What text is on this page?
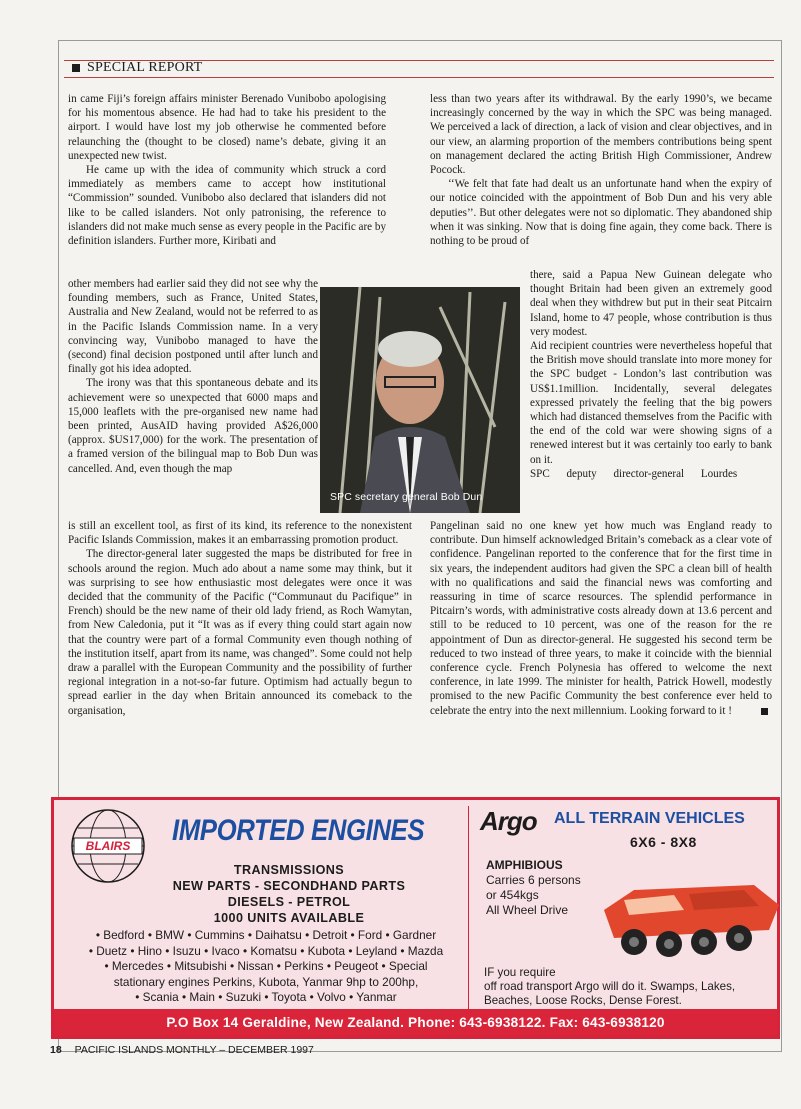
SPECIAL REPORT

in came Fiji’s foreign affairs minister Berenado Vunibobo apologising for his momentous absence. He had had to take his president to the airport. I would have lost my job otherwise he commented before relaunching the (thought to be closed) name’s debate, giving it an unexpected new twist.

He came up with the idea of community which struck a cord immediately as members came to accept how institutional “Commission” sounded. Vunibobo also declared that islanders did not like to be called islanders. Not only patronising, the reference to islanders did not make much sense as every people in the Pacific are by definition islanders. Further more, Kiribati and

other members had earlier said they did not see why the founding members, such as France, United States, Australia and New Zealand, would not be referred to as in the Pacific Islands Commission name. In a very convincing way, Vunibobo managed to have the (second) final decision postponed until after lunch and finally got his idea adopted.

The irony was that this spontaneous debate and its achievement were so unexpected that 6000 maps and 15,000 leaflets with the pre-organised new name had been printed, AusAID having provided A$26,000 (approx. $US17,000) for the work. The presentation of a framed version of the bilingual map to Bob Dun was cancelled. And, even though the map

is still an excellent tool, as first of its kind, its reference to the nonexistent Pacific Islands Commission, makes it an embarrassing promotion product.

The director-general later suggested the maps be distributed for free in schools around the region. Much ado about a name some may think, but it was surprising to see how enthusiastic most delegates were once it was decided that the community of the Pacific (“Communaut du Pacifique” in French) should be the new name of their old lady friend, as Roch Wamytan, from New Caledonia, put it “It was as if every thing could start again now that the country were part of a formal Community even though nothing of the institution itself, apart from its name, was changed”. Some could not help draw a parallel with the European Community and the possibility of further regional integration in a not-so-far future. Optimism had actually begun to spread earlier in the day when Britain announced its comeback to the organisation,

less than two years after its withdrawal. By the early 1990’s, we became increasingly concerned by the way in which the SPC was being managed. We perceived a lack of direction, a lack of vision and clear objectives, and in our view, an alarming proportion of the members contributions being spent on management declared the acting British High Commissioner, Andrew Pocock.

‘‘We felt that fate had dealt us an unfortunate hand when the expiry of our notice coincided with the appointment of Bob Dun and his very able deputies’’. But other delegates were not so diplomatic. They abandoned ship when it was sinking. Now that is doing fine again, they come back. There is nothing to be proud of

there, said a Papua New Guinean delegate who thought Britain had been given an extremely good deal when they withdrew but put in their seat Pitcairn Island, home to 47 people, whose contribution is thus very modest.

Aid recipient countries were nevertheless hopeful that the British move should translate into more money for the SPC budget - London’s last contribution was US$1.1million. Incidentally, several delegates expressed privately the feeling that the big powers which had distanced themselves from the Pacific with the end of the cold war were showing signs of a renewed interest but it was certainly too early to bank on it.

SPC deputy director-general Lourdes

Pangelinan said no one knew yet how much was England ready to contribute. Dun himself acknowledged Britain’s comeback as a clear vote of confidence. Pangelinan reported to the conference that for the first time in six years, the independent auditors had given the SPC a clean bill of health with no qualifications and said the financial news was comforting and reassuring in time of scarce resources. The splendid performance in Pitcairn’s words, with administrative costs already down at 13.6 percent and still to be reduced to 10 percent, was one of the reason for the re appointment of Dun as director-general. He suggested his second term be reduced to two instead of three years, to make it coincide with the biennial conference cycle. French Polynesia has offered to welcome the next conference, in late 1999. The minister for health, Patrick Howell, modestly promised to the new Pacific Community the best conference ever held to celebrate the entry into the next millennium. Looking forward to it !

SPC secretary general Bob Dun
BLAIRS IMPORTED ENGINES
TRANSMISSIONS
NEW PARTS - SECONDHAND PARTS
DIESELS - PETROL
1000 UNITS AVAILABLE
• Bedford • BMW • Cummins • Daihatsu • Detroit • Ford • Gardner
• Duetz • Hino • Isuzu • Ivaco • Komatsu • Kubota • Leyland • Mazda
• Mercedes • Mitsubishi • Nissan • Perkins • Peugeot • Special
stationary engines Perkins, Kubota, Yanmar 9hp to 200hp,
• Scania • Main • Suzuki • Toyota • Volvo • Yanmar
Argo ALL TERRAIN VEHICLES
6X6 - 8X8
AMPHIBIOUS
Carries 6 persons
or 454kgs
All Wheel Drive
IF you require
off road transport Argo will do it. Swamps, Lakes,
Beaches, Loose Rocks, Dense Forest.
P.O Box 14 Geraldine, New Zealand. Phone: 643-6938122. Fax: 643-6938120
18 PACIFIC ISLANDS MONTHLY – DECEMBER 1997
